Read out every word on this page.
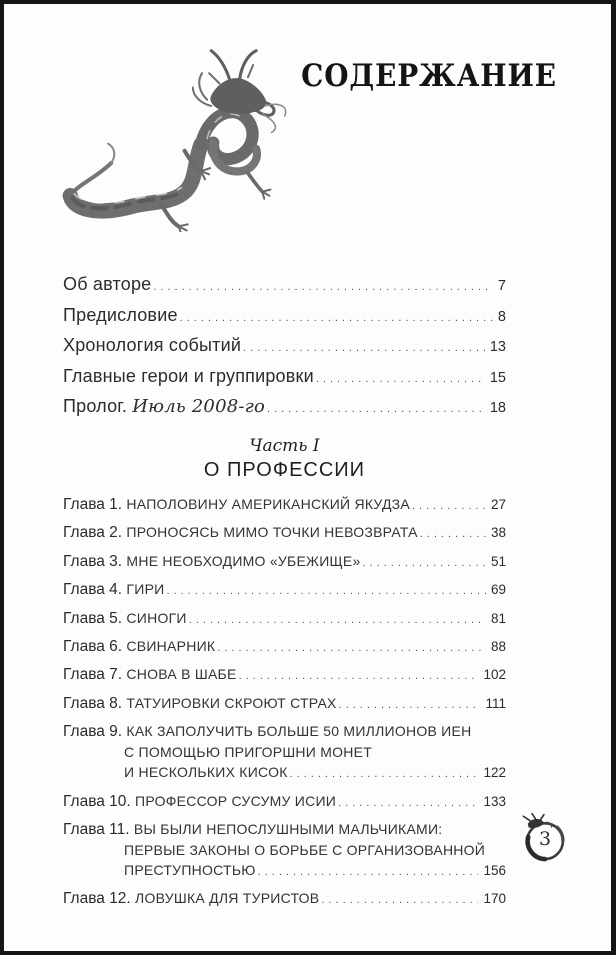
СОДЕРЖАНИЕ
Об авторе .....	7
Предисловие .....	8
Хронология событий .....	13
Главные герои и группировки .....	15
Пролог. Июль 2008-го .....	18
Часть I
О ПРОФЕССИИ
Глава 1. НАПОЛОВИНУ АМЕРИКАНСКИЙ ЯКУДЗА .....	27
Глава 2. ПРОНОСЯСЬ МИМО ТОЧКИ НЕВОЗВРАТА .....	38
Глава 3. МНЕ НЕОБХОДИМО «УБЕЖИЩЕ» .....	51
Глава 4. ГИРИ .....	69
Глава 5. СИНОГИ .....	81
Глава 6. СВИНАРНИК .....	88
Глава 7. СНОВА В ШАБЕ .....	102
Глава 8. ТАТУИРОВКИ СКРОЮТ СТРАХ .....	111
Глава 9. КАК ЗАПОЛУЧИТЬ БОЛЬШЕ 50 МИЛЛИОНОВ ИЕН
С ПОМОЩЬЮ ПРИГОРШНИ МОНЕТ
И НЕСКОЛЬКИХ КИСОК .....	122
Глава 10. ПРОФЕССОР СУСУМУ ИСИИ .....	133
Глава 11. ВЫ БЫЛИ НЕПОСЛУШНЫМИ МАЛЬЧИКАМИ:
ПЕРВЫЕ ЗАКОНЫ О БОРЬБЕ С ОРГАНИЗОВАННОЙ
ПРЕСТУПНОСТЬЮ .....	156
Глава 12. ЛОВУШКА ДЛЯ ТУРИСТОВ .....	170
3
